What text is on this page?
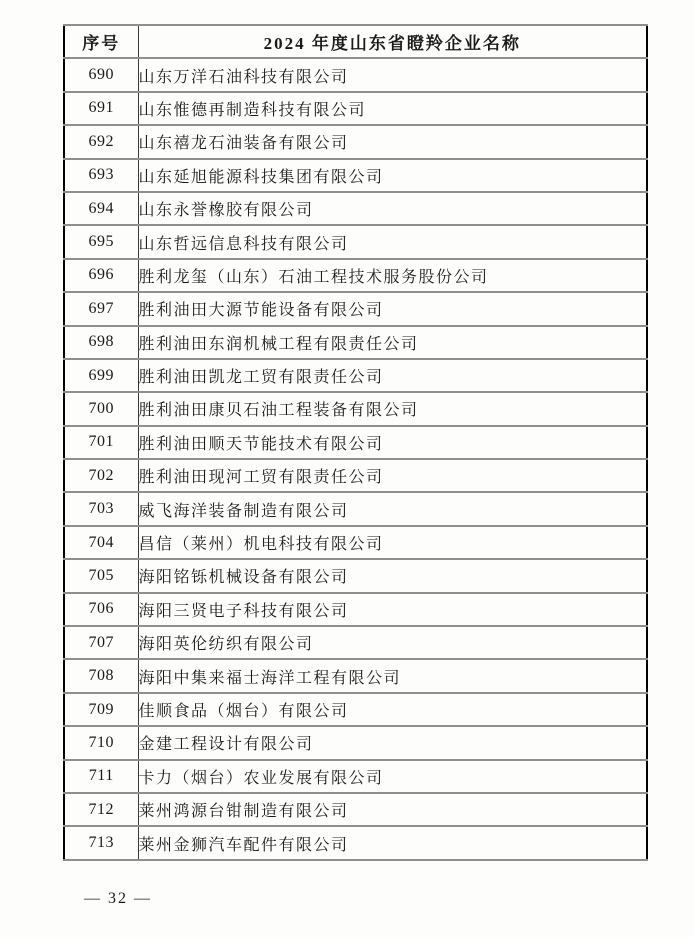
序号	2024 年度山东省瞪羚企业名称
690	山东万洋石油科技有限公司
691	山东惟德再制造科技有限公司
692	山东禧龙石油装备有限公司
693	山东延旭能源科技集团有限公司
694	山东永誉橡胶有限公司
695	山东哲远信息科技有限公司
696	胜利龙玺（山东）石油工程技术服务股份公司
697	胜利油田大源节能设备有限公司
698	胜利油田东润机械工程有限责任公司
699	胜利油田凯龙工贸有限责任公司
700	胜利油田康贝石油工程装备有限公司
701	胜利油田顺天节能技术有限公司
702	胜利油田现河工贸有限责任公司
703	威飞海洋装备制造有限公司
704	昌信（莱州）机电科技有限公司
705	海阳铭铄机械设备有限公司
706	海阳三贤电子科技有限公司
707	海阳英伦纺织有限公司
708	海阳中集来福士海洋工程有限公司
709	佳顺食品（烟台）有限公司
710	金建工程设计有限公司
711	卡力（烟台）农业发展有限公司
712	莱州鸿源台钳制造有限公司
713	莱州金狮汽车配件有限公司
— 32 —
